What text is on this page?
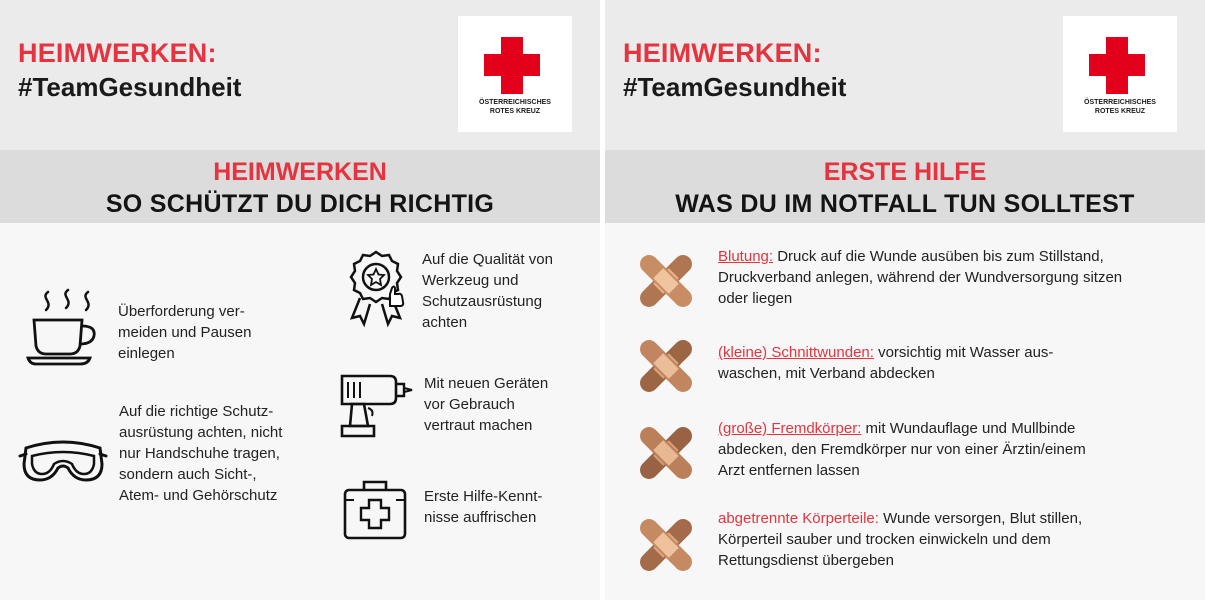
HEIMWERKEN:
#TeamGesundheit
ÖSTERREICHISCHES
ROTES KREUZ
HEIMWERKEN
SO SCHÜTZT DU DICH RICHTIG
Überforderung ver-
meiden und Pausen
einlegen
Auf die richtige Schutz-
ausrüstung achten, nicht
nur Handschuhe tragen,
sondern auch Sicht-,
Atem- und Gehörschutz
Auf die Qualität von
Werkzeug und
Schutzausrüstung
achten
Mit neuen Geräten
vor Gebrauch
vertraut machen
Erste Hilfe-Kennt-
nisse auffrischen
HEIMWERKEN:
#TeamGesundheit
ÖSTERREICHISCHES
ROTES KREUZ
ERSTE HILFE
WAS DU IM NOTFALL TUN SOLLTEST
Blutung: Druck auf die Wunde ausüben bis zum Stillstand,
Druckverband anlegen, während der Wundversorgung sitzen
oder liegen
(kleine) Schnittwunden: vorsichtig mit Wasser aus-
waschen, mit Verband abdecken
(große) Fremdkörper: mit Wundauflage und Mullbinde
abdecken, den Fremdkörper nur von einer Ärztin/einem
Arzt entfernen lassen
abgetrennte Körperteile: Wunde versorgen, Blut stillen,
Körperteil sauber und trocken einwickeln und dem
Rettungsdienst übergeben
